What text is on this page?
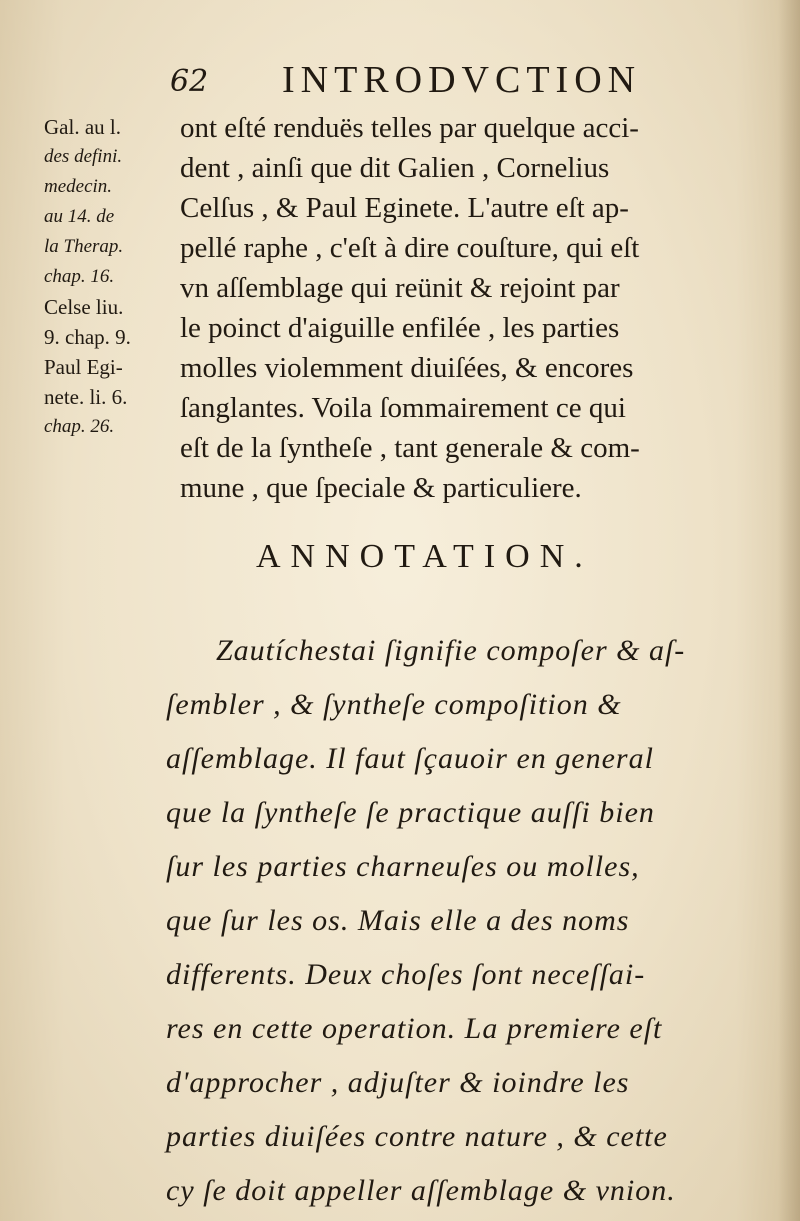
62 INTRODVCTION
Gal. au l.
des defini.
medecin.
au 14. de
la Therap.
chap. 16.
Celse liu.
9. chap. 9.
Paul Egi-
nete. li. 6.
chap. 26.
ont eſté renduës telles par quelque acci-
dent , ainſi que dit Galien , Cornelius
Celſus , & Paul Eginete. L'autre eſt ap-
pellé raphe , c'eſt à dire couſture, qui eſt
vn aſſemblage qui reünit & rejoint par
le poinct d'aiguille enfilée , les parties
molles violemment diuiſées, & encores
ſanglantes. Voila ſommairement ce qui
eſt de la ſyntheſe , tant generale & com-
mune , que ſpeciale & particuliere.
ANNOTATION.
Zautíchestai ſignifie compoſer & aſ-
ſembler , & ſyntheſe compoſition &
aſſemblage. Il faut ſçauoir en general
que la ſyntheſe ſe practique auſſi bien
ſur les parties charneuſes ou molles,
que ſur les os. Mais elle a des noms
differents. Deux choſes ſont neceſſai-
res en cette operation. La premiere eſt
d'approcher , adjuſter & ioindre les
parties diuiſées contre nature , & cette
cy ſe doit appeller aſſemblage & vnion.
